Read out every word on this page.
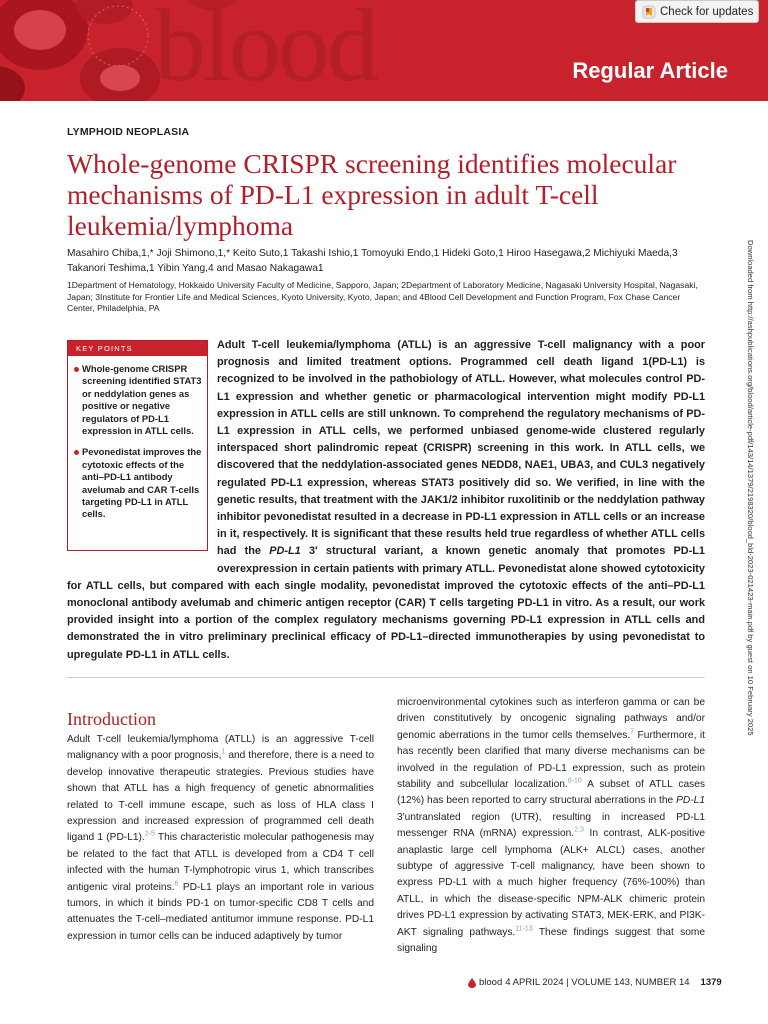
blood	Regular Article
Check for updates
LYMPHOID NEOPLASIA
Whole-genome CRISPR screening identifies molecular mechanisms of PD-L1 expression in adult T-cell leukemia/lymphoma
Masahiro Chiba,1,* Joji Shimono,1,* Keito Suto,1 Takashi Ishio,1 Tomoyuki Endo,1 Hideki Goto,1 Hiroo Hasegawa,2 Michiyuki Maeda,3 Takanori Teshima,1 Yibin Yang,4 and Masao Nakagawa1
1Department of Hematology, Hokkaido University Faculty of Medicine, Sapporo, Japan; 2Department of Laboratory Medicine, Nagasaki University Hospital, Nagasaki, Japan; 3Institute for Frontier Life and Medical Sciences, Kyoto University, Kyoto, Japan; and 4Blood Cell Development and Function Program, Fox Chase Cancer Center, Philadelphia, PA	Downloaded from http://ashpublications.org/blood/article-pdf/143/14/1379/2198320/blood_bld-2023-021423-main.pdf by guest on 10 February 2025
Adult T-cell leukemia/lymphoma (ATLL) is an aggressive T-cell malignancy with a poor prognosis and limited treatment options. Programmed cell death ligand 1(PD-L1) is recognized to be involved in the pathobiology of ATLL. However, what molecules control PD-L1 expression and whether genetic or pharmacological intervention might modify PD-L1 expression in ATLL cells are still unknown. To comprehend the regulatory mechanisms of PD-L1 expression in ATLL cells, we performed unbiased genome-wide clustered regularly interspaced short palindromic repeat (CRISPR) screening in this work. In ATLL cells, we discovered that the neddylation-associated genes NEDD8, NAE1, UBA3, and CUL3 negatively regulated PD-L1 expression, whereas STAT3 positively did so. We verified, in line with the genetic results, that treatment with the JAK1/2 inhibitor ruxolitinib or the neddylation pathway inhibitor pevonedistat resulted in a decrease in PD-L1 expression in ATLL cells or an increase in it, respectively. It is significant that these results held true regardless of whether ATLL cells had the PD-L1 3′ structural variant, a known genetic anomaly that promotes PD-L1 overexpression in certain patients with primary ATLL. Pevonedistat alone showed cytotoxicity for ATLL cells, but compared with each single modality, pevonedistat improved the cytotoxic effects of the anti–PD-L1 monoclonal antibody avelumab and chimeric antigen receptor (CAR) T cells targeting PD-L1 in vitro. As a result, our work provided insight into a portion of the complex regulatory mechanisms governing PD-L1 expression in ATLL cells and demonstrated the in vitro preliminary preclinical efficacy of PD-L1–directed immunotherapies by using pevonedistat to upregulate PD-L1 in ATLL cells.
KEY POINTS
Whole-genome CRISPR screening identified STAT3 or neddylation genes as positive or negative regulators of PD-L1 expression in ATLL cells.
Pevonedistat improves the cytotoxic effects of the anti–PD-L1 antibody avelumab and CAR T-cells targeting PD-L1 in ATLL cells.
Introduction
Adult T-cell leukemia/lymphoma (ATLL) is an aggressive T-cell malignancy with a poor prognosis,$^1$ and therefore, there is a need to develop innovative therapeutic strategies. Previous studies have shown that ATLL has a high frequency of genetic abnormalities related to T-cell immune escape, such as loss of HLA class I expression and increased expression of programmed cell death ligand 1 (PD-L1).$^{2-5}$ This characteristic molecular pathogenesis may be related to the fact that ATLL is developed from a CD4 T cell infected with the human T-lymphotropic virus 1, which transcribes antigenic viral proteins.$^6$ PD-L1 plays an important role in various tumors, in which it binds PD-1 on tumor-specific CD8 T cells and attenuates the T-cell–mediated antitumor immune response. PD-L1 expression in tumor cells can be induced adaptively by tumor
microenvironmental cytokines such as interferon gamma or can be driven constitutively by oncogenic signaling pathways and/or genomic aberrations in the tumor cells themselves.$^7$ Furthermore, it has recently been clarified that many diverse mechanisms can be involved in the regulation of PD-L1 expression, such as protein stability and subcellular localization.$^{8-10}$ A subset of ATLL cases (12%) has been reported to carry structural aberrations in the PD-L1 3′untranslated region (UTR), resulting in increased PD-L1 messenger RNA (mRNA) expression.$^{2,3}$ In contrast, ALK-positive anaplastic large cell lymphoma (ALK+ ALCL) cases, another subtype of aggressive T-cell malignancy, have been shown to express PD-L1 with a much higher frequency (76%-100%) than ATLL, in which the disease-specific NPM-ALK chimeric protein drives PD-L1 expression by activating STAT3, MEK-ERK, and PI3K-AKT signaling pathways.$^{11-13}$ These findings suggest that some signaling
blood 4 APRIL 2024 | VOLUME 143, NUMBER 14 1379
